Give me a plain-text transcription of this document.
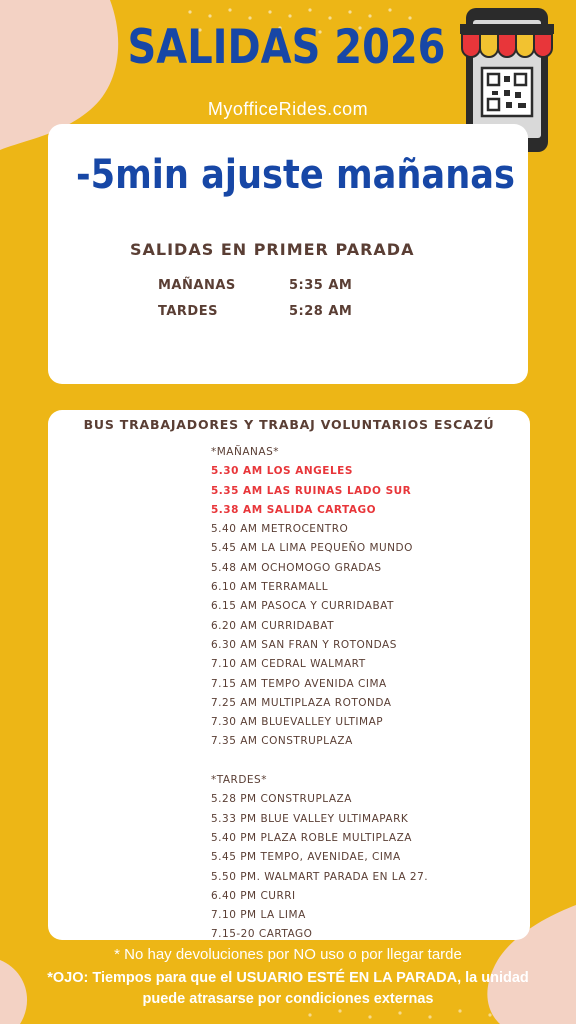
SALIDAS 2026
MyofficeRides.com
-5min ajuste mañanas
SALIDAS EN PRIMER PARADA
MAÑANAS	5:35 AM
TARDES	5:28 AM
BUS TRABAJADORES Y TRABAJ VOLUNTARIOS ESCAZÚ
*MAÑANAS*
5.30 AM LOS ANGELES
5.35 AM LAS RUINAS LADO SUR
5.38 AM SALIDA CARTAGO
5.40 AM METROCENTRO
5.45 AM LA LIMA PEQUEÑO MUNDO
5.48 AM OCHOMOGO GRADAS
6.10 AM TERRAMALL
6.15 AM PASOCA Y CURRIDABAT
6.20 AM CURRIDABAT
6.30 AM SAN FRAN Y ROTONDAS
7.10 AM CEDRAL WALMART
7.15 AM TEMPO AVENIDA CIMA
7.25 AM MULTIPLAZA ROTONDA
7.30 AM BLUEVALLEY ULTIMAP
7.35 AM CONSTRUPLAZA
*TARDES*
5.28 PM CONSTRUPLAZA
5.33 PM BLUE VALLEY ULTIMAPARK
5.40 PM PLAZA ROBLE MULTIPLAZA
5.45 PM TEMPO, AVENIDAE, CIMA
5.50 PM. WALMART PARADA EN LA 27.
6.40 PM CURRI
7.10 PM LA LIMA
7.15-20 CARTAGO
* No hay devoluciones por NO uso o por llegar tarde
*OJO: Tiempos para que el USUARIO ESTÉ EN LA PARADA, la unidad puede atrasarse por condiciones externas
